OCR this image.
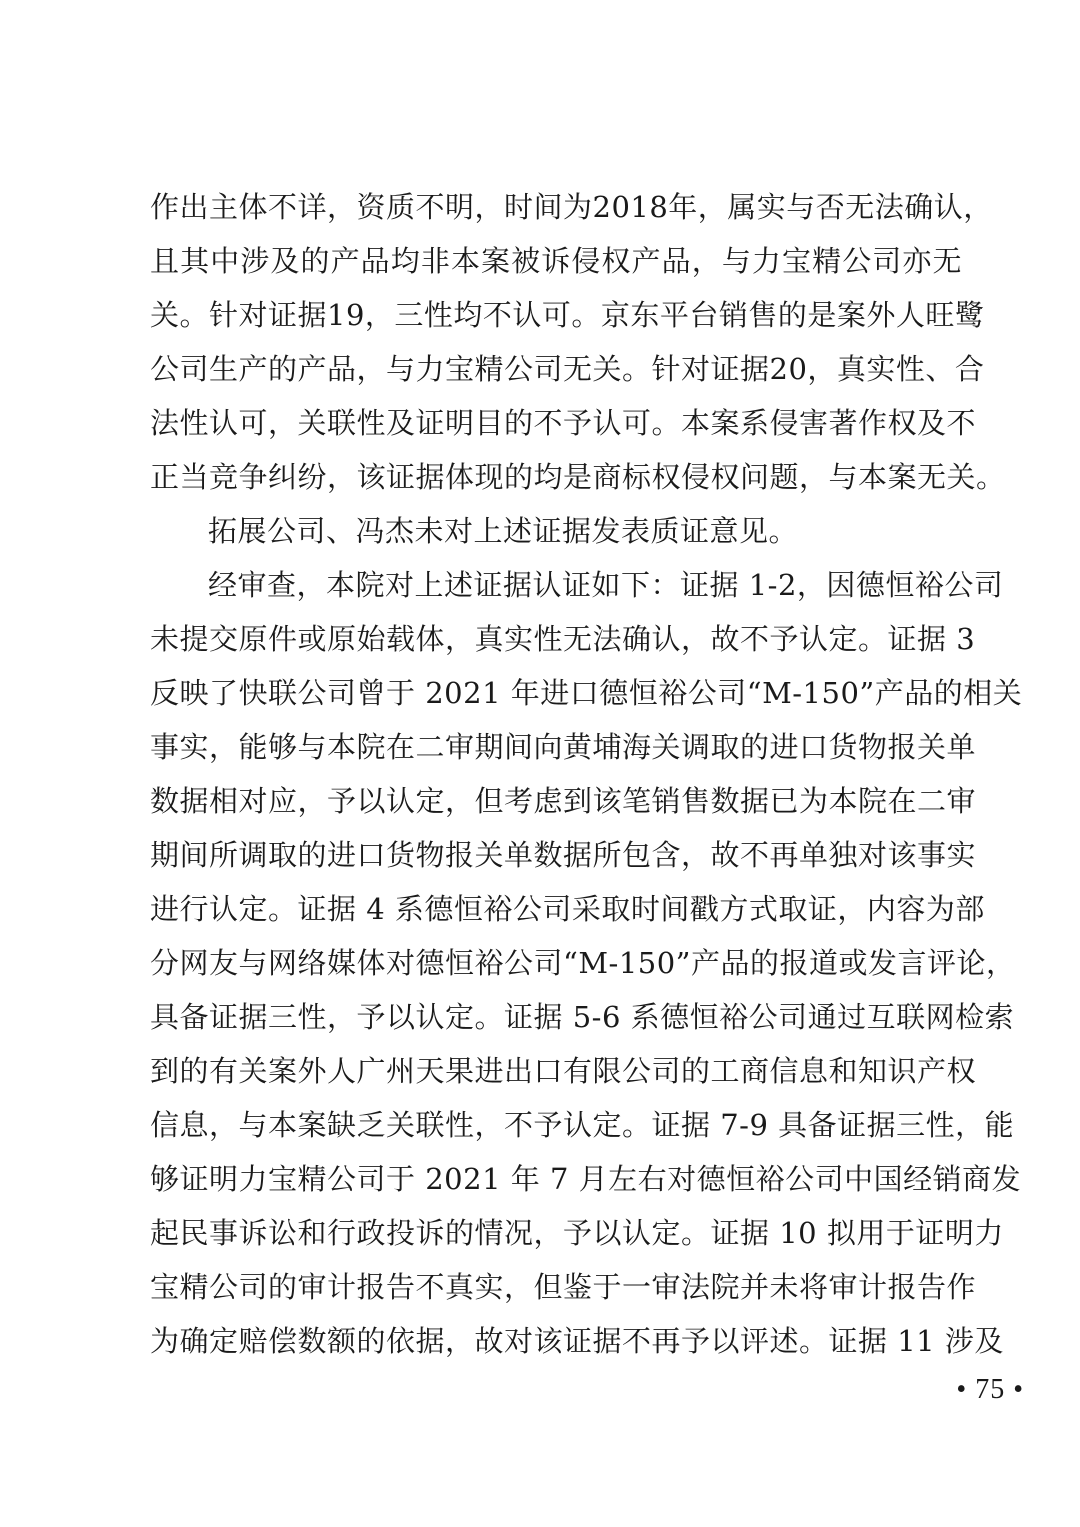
作出主体不详，资质不明，时间为2018年，属实与否无法确认，
且其中涉及的产品均非本案被诉侵权产品，与力宝精公司亦无
关。针对证据19，三性均不认可。京东平台销售的是案外人旺鹭
公司生产的产品，与力宝精公司无关。针对证据20，真实性、合
法性认可，关联性及证明目的不予认可。本案系侵害著作权及不
正当竞争纠纷，该证据体现的均是商标权侵权问题，与本案无关。
拓展公司、冯杰未对上述证据发表质证意见。
经审查，本院对上述证据认证如下：证据 1-2，因德恒裕公司
未提交原件或原始载体，真实性无法确认，故不予认定。证据 3
反映了快联公司曾于 2021 年进口德恒裕公司“M-150”产品的相关
事实，能够与本院在二审期间向黄埔海关调取的进口货物报关单
数据相对应，予以认定，但考虑到该笔销售数据已为本院在二审
期间所调取的进口货物报关单数据所包含，故不再单独对该事实
进行认定。证据 4 系德恒裕公司采取时间戳方式取证，内容为部
分网友与网络媒体对德恒裕公司“M-150”产品的报道或发言评论，
具备证据三性，予以认定。证据 5-6 系德恒裕公司通过互联网检索
到的有关案外人广州天果进出口有限公司的工商信息和知识产权
信息，与本案缺乏关联性，不予认定。证据 7-9 具备证据三性，能
够证明力宝精公司于 2021 年 7 月左右对德恒裕公司中国经销商发
起民事诉讼和行政投诉的情况，予以认定。证据 10 拟用于证明力
宝精公司的审计报告不真实，但鉴于一审法院并未将审计报告作
为确定赔偿数额的依据，故对该证据不再予以评述。证据 11 涉及
• 75 •
